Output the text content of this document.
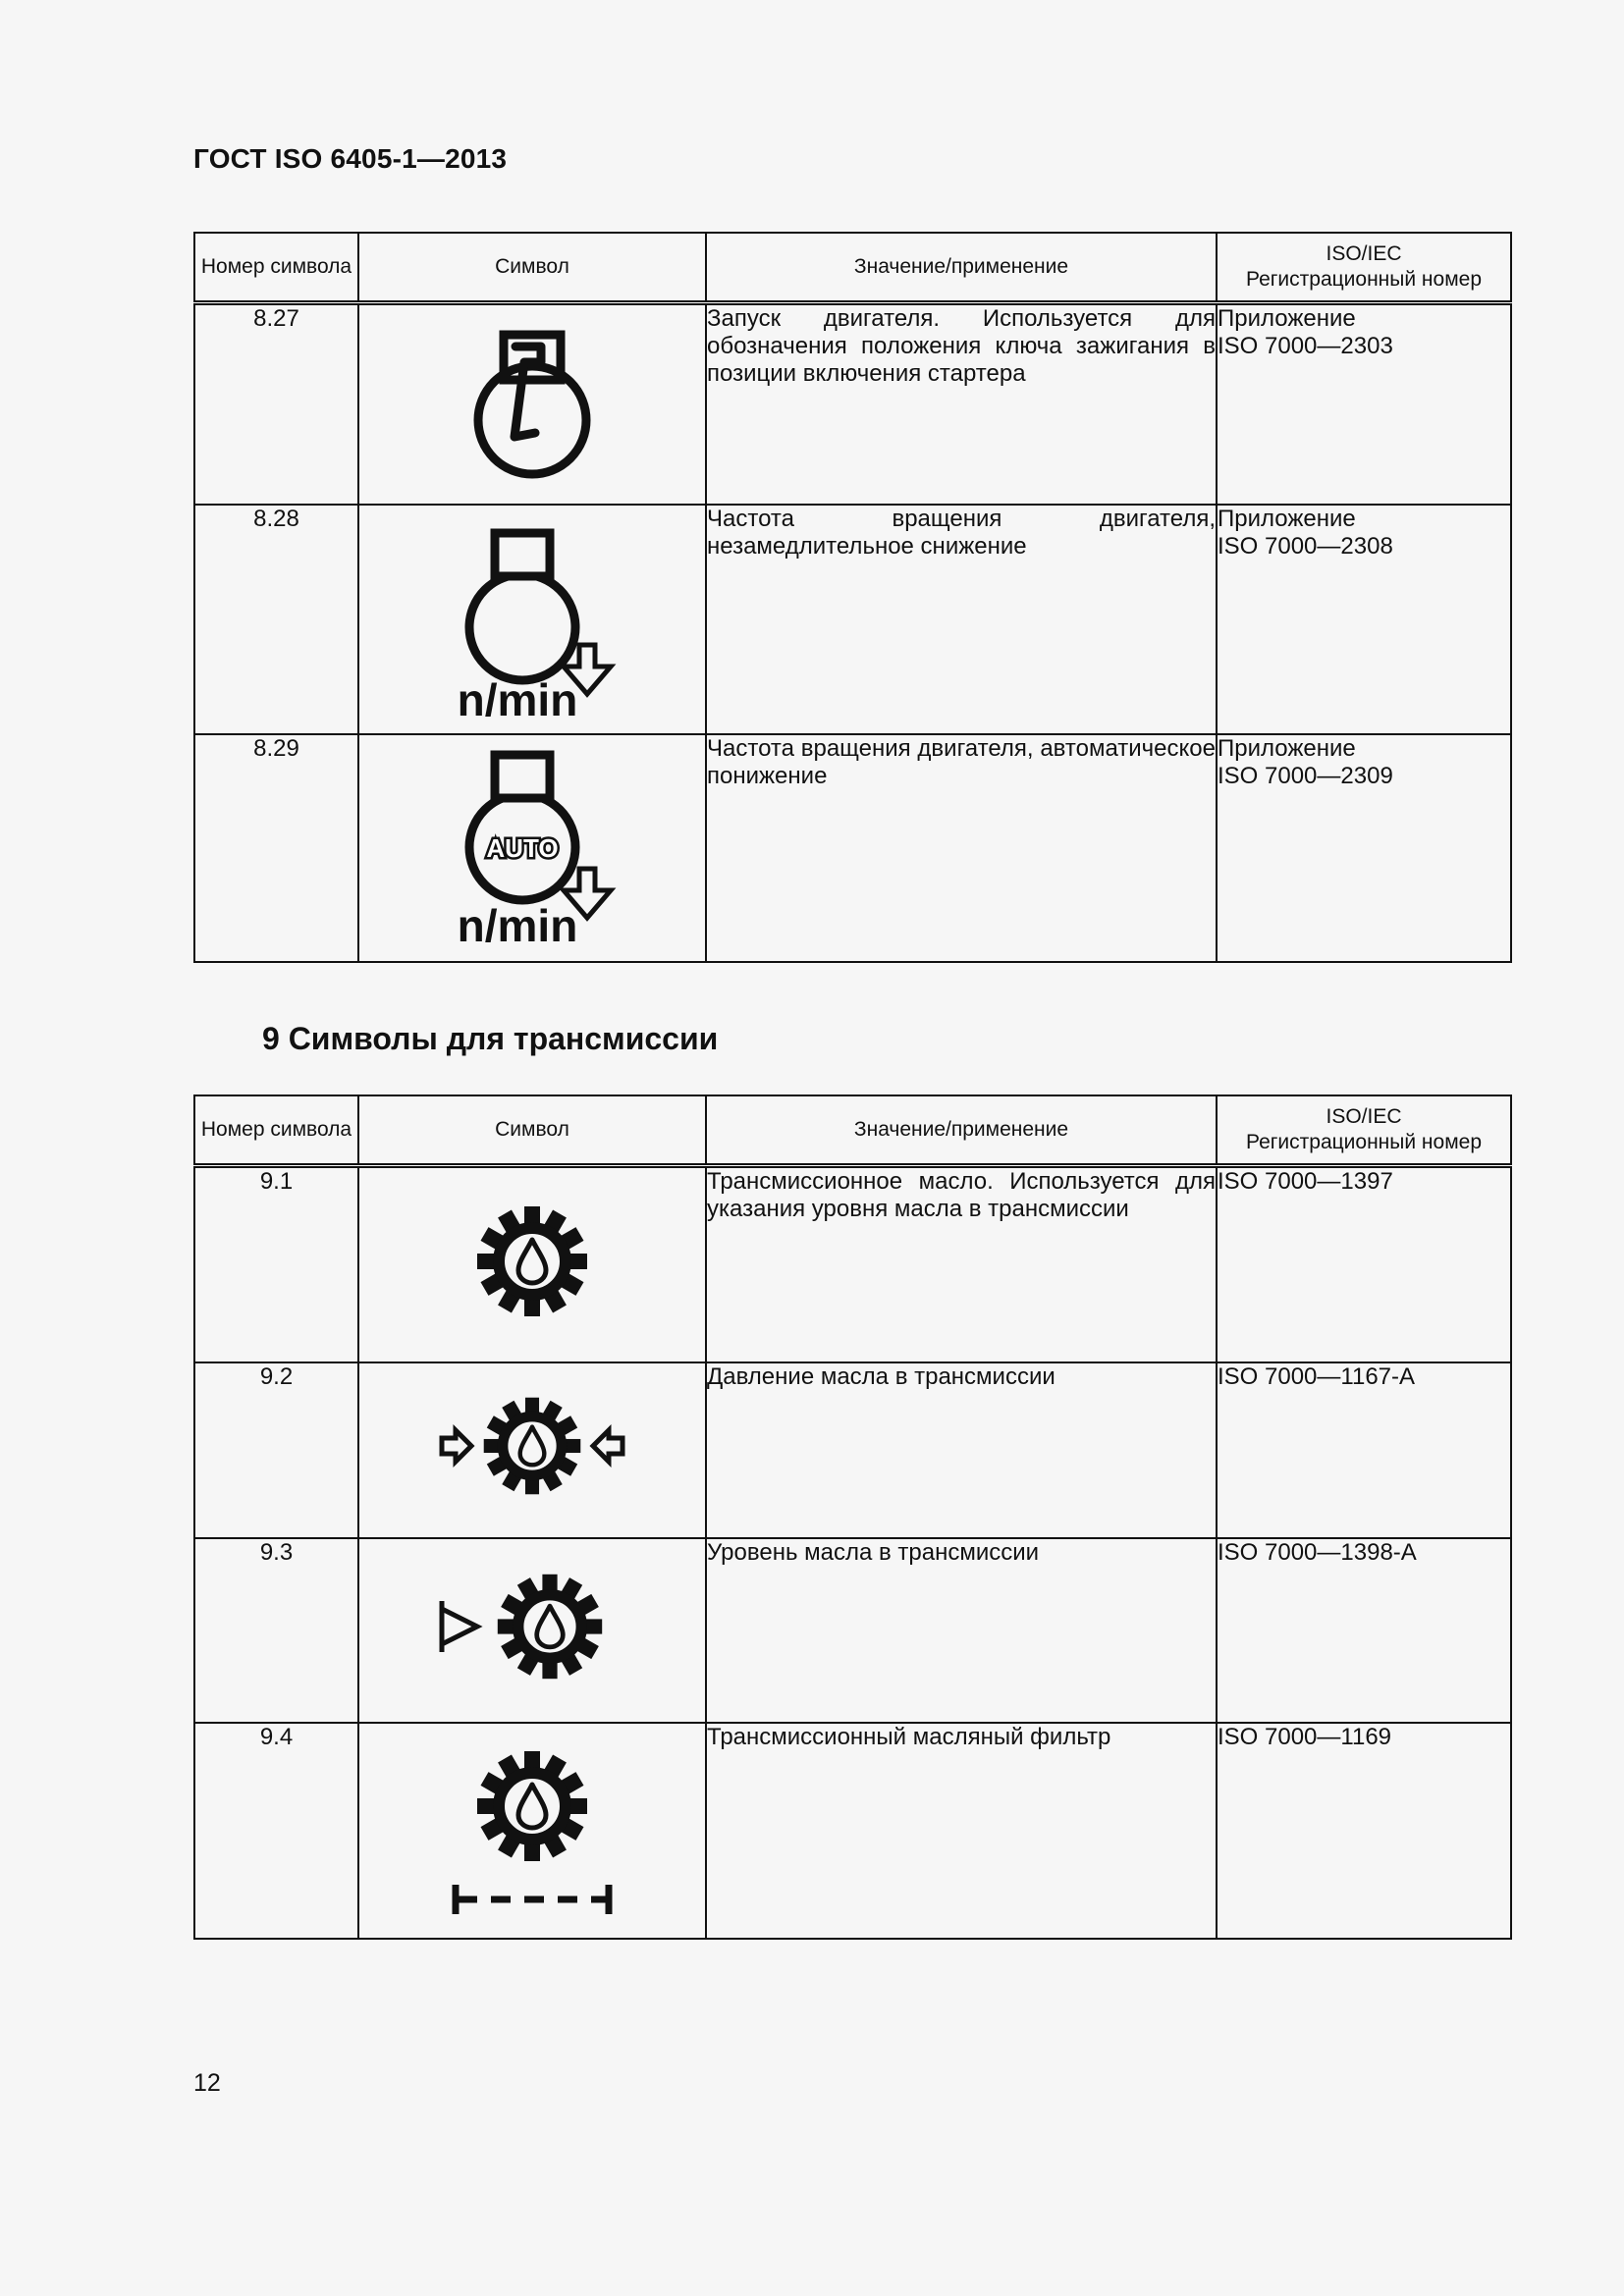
ГОСТ ISO 6405-1—2013
Номер символа	Символ	Значение/применение	ISO/IEC
Регистрационный номер
8.27		Запуск двигателя. Используется для обозначения положения ключа зажигания в позиции включения стартера	Приложение
ISO 7000—2303

8.28	n/min	Частота вращения двигателя, незамедлительное снижение	Приложение
ISO 7000—2308

8.29	AUTO
n/min	Частота вращения двигателя, автоматическое понижение	Приложение
ISO 7000—2309
9 Символы для трансмиссии
Номер символа	Символ	Значение/применение	ISO/IEC
Регистрационный номер
9.1		Трансмиссионное масло. Используется для указания уровня масла в трансмиссии	ISO 7000—1397

9.2		Давление масла в трансмиссии	ISO 7000—1167-A

9.3		Уровень масла в трансмиссии	ISO 7000—1398-A

9.4		Трансмиссионный масляный фильтр	ISO 7000—1169
12
